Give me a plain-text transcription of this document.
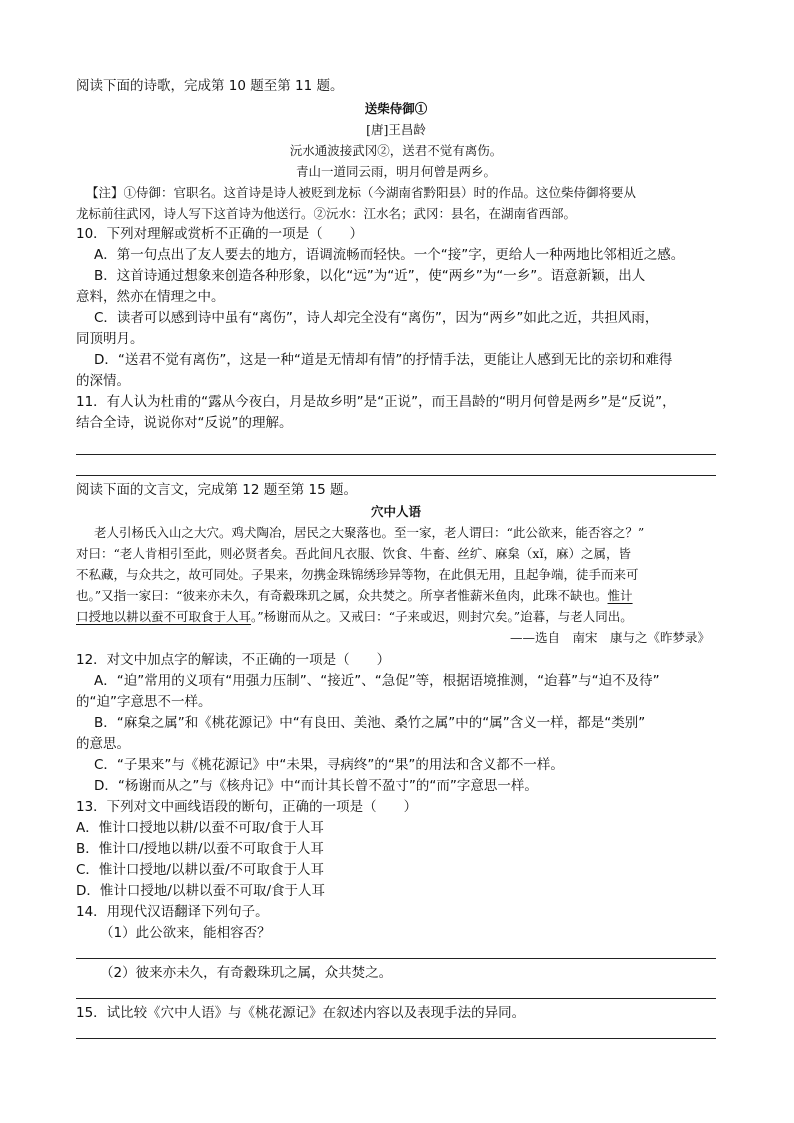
阅读下面的诗歌，完成第 10 题至第 11 题。
送柴侍御①
[唐]王昌龄
沅水通波接武冈②，送君不觉有离伤。
青山一道同云雨，明月何曾是两乡。
【注】①侍御：官职名。这首诗是诗人被贬到龙标（今湖南省黔阳县）时的作品。这位柴侍御将要从
龙标前往武冈，诗人写下这首诗为他送行。②沅水：江水名；武冈：县名，在湖南省西部。
10．下列对理解或赏析不正确的一项是（　　）
A．第一句点出了友人要去的地方，语调流畅而轻快。一个“接”字，更给人一种两地比邻相近之感。
B．这首诗通过想象来创造各种形象，以化“远”为“近”，使“两乡”为“一乡”。语意新颖，出人
意料，然亦在情理之中。
C．读者可以感到诗中虽有“离伤”，诗人却完全没有“离伤”，因为“两乡”如此之近，共担风雨，
同顶明月。
D．“送君不觉有离伤”，这是一种“道是无情却有情”的抒情手法，更能让人感到无比的亲切和难得
的深情。
11．有人认为杜甫的“露从今夜白，月是故乡明”是“正说”，而王昌龄的“明月何曾是两乡”是“反说”，
结合全诗，说说你对“反说”的理解。
阅读下面的文言文，完成第 12 题至第 15 题。
穴中人语
老人引杨氏入山之大穴。鸡犬陶冶，居民之大聚落也。至一家，老人谓曰：“此公欲来，能否容之？”
对曰：“老人肯相引至此，则必贤者矣。吾此间凡衣服、饮食、牛畜、丝纩、麻枲（xǐ，麻）之属，皆
不私藏，与众共之，故可同处。子果来，勿携金珠锦绣珍异等物，在此俱无用，且起争端，徒手而来可
也。”又指一家曰：“彼来亦未久，有奇縠珠玑之属，众共焚之。所享者惟薪米鱼肉，此珠不缺也。惟计
口授地以耕以蚕不可取食于人耳。”杨谢而从之。又戒曰：“子来或迟，则封穴矣。”迨暮，与老人同出。
——选自　南宋　康与之《昨梦录》
12．对文中加点字的解读，不正确的一项是（　　）
A．“迫”常用的义项有“用强力压制”、“接近”、“急促”等，根据语境推测，“迨暮”与“迫不及待”
的“迫”字意思不一样。
B．“麻枲之属”和《桃花源记》中“有良田、美池、桑竹之属”中的“属”含义一样，都是“类别”
的意思。
C．“子果来”与《桃花源记》中“未果，寻病终”的“果”的用法和含义都不一样。
D．“杨谢而从之”与《核舟记》中“而计其长曾不盈寸”的“而”字意思一样。
13．下列对文中画线语段的断句，正确的一项是（　　）
A．惟计口授地以耕/以蚕不可取/食于人耳
B．惟计口/授地以耕/以蚕不可取食于人耳
C．惟计口授地/以耕以蚕/不可取食于人耳
D．惟计口授地/以耕以蚕不可取/食于人耳
14．用现代汉语翻译下列句子。
（1）此公欲来，能相容否？
（2）彼来亦未久，有奇縠珠玑之属，众共焚之。
15．试比较《穴中人语》与《桃花源记》在叙述内容以及表现手法的异同。
